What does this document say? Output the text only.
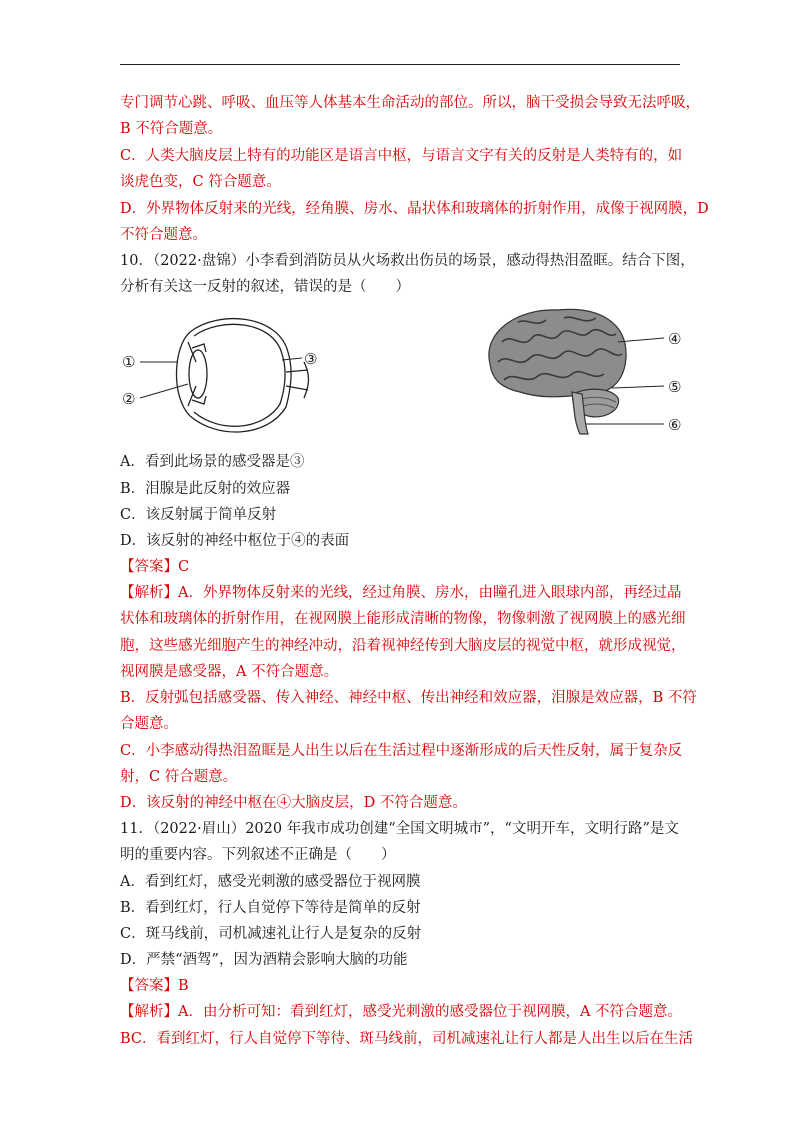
专门调节心跳、呼吸、血压等人体基本生命活动的部位。所以，脑干受损会导致无法呼吸，
B 不符合题意。
C．人类大脑皮层上特有的功能区是语言中枢，与语言文字有关的反射是人类特有的，如
谈虎色变，C 符合题意。
D．外界物体反射来的光线，经角膜、房水、晶状体和玻璃体的折射作用，成像于视网膜，D
不符合题意。
10．（2022·盘锦）小李看到消防员从火场救出伤员的场景，感动得热泪盈眶。结合下图，
分析有关这一反射的叙述，错误的是（　　）
①
②
③
④
⑤
⑥
A．看到此场景的感受器是③
B．泪腺是此反射的效应器
C．该反射属于简单反射
D．该反射的神经中枢位于④的表面
【答案】C
【解析】A．外界物体反射来的光线，经过角膜、房水，由瞳孔进入眼球内部，再经过晶
状体和玻璃体的折射作用，在视网膜上能形成清晰的物像，物像刺激了视网膜上的感光细
胞，这些感光细胞产生的神经冲动，沿着视神经传到大脑皮层的视觉中枢，就形成视觉，
视网膜是感受器，A 不符合题意。
B．反射弧包括感受器、传入神经、神经中枢、传出神经和效应器，泪腺是效应器，B 不符
合题意。
C．小李感动得热泪盈眶是人出生以后在生活过程中逐渐形成的后天性反射，属于复杂反
射，C 符合题意。
D．该反射的神经中枢在④大脑皮层，D 不符合题意。
11．（2022·眉山）2020 年我市成功创建“全国文明城市”，“文明开车，文明行路”是文
明的重要内容。下列叙述不正确是（　　）
A．看到红灯，感受光刺激的感受器位于视网膜
B．看到红灯，行人自觉停下等待是简单的反射
C．斑马线前，司机减速礼让行人是复杂的反射
D．严禁“酒驾”，因为酒精会影响大脑的功能
【答案】B
【解析】A．由分析可知：看到红灯，感受光刺激的感受器位于视网膜，A 不符合题意。
BC．看到红灯，行人自觉停下等待、斑马线前，司机减速礼让行人都是人出生以后在生活
